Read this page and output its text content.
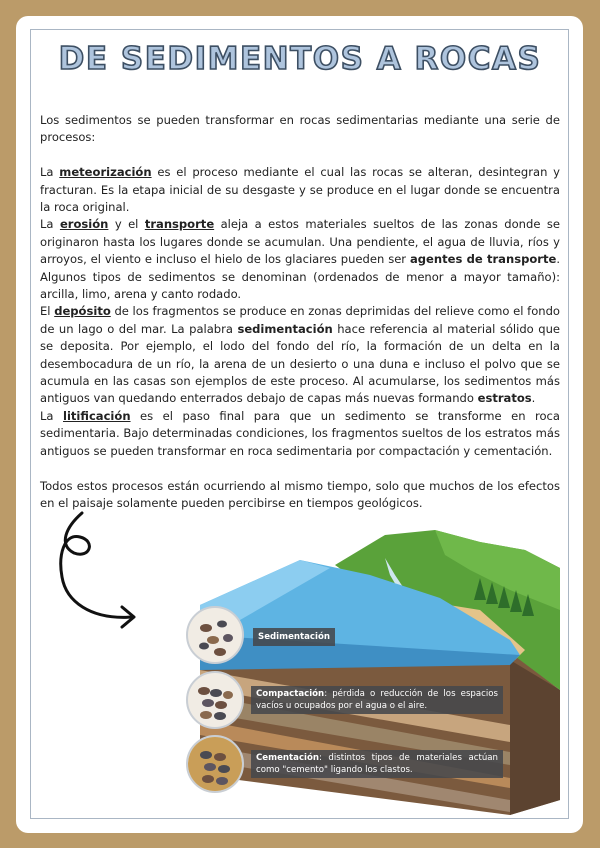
DE SEDIMENTOS A ROCAS

Los sedimentos se pueden transformar en rocas sedimentarias mediante una serie de procesos:

La meteorización es el proceso mediante el cual las rocas se alteran, desintegran y fracturan. Es la etapa inicial de su desgaste y se produce en el lugar donde se encuentra la roca original.

La erosión y el transporte aleja a estos materiales sueltos de las zonas donde se originaron hasta los lugares donde se acumulan. Una pendiente, el agua de lluvia, ríos y arroyos, el viento e incluso el hielo de los glaciares pueden ser agentes de transporte. Algunos tipos de sedimentos se denominan (ordenados de menor a mayor tamaño): arcilla, limo, arena y canto rodado.

El depósito de los fragmentos se produce en zonas deprimidas del relieve como el fondo de un lago o del mar. La palabra sedimentación hace referencia al material sólido que se deposita. Por ejemplo, el lodo del fondo del río, la formación de un delta en la desembocadura de un río, la arena de un desierto o una duna e incluso el polvo que se acumula en las casas son ejemplos de este proceso. Al acumularse, los sedimentos más antiguos van quedando enterrados debajo de capas más nuevas formando estratos.

La litificación es el paso final para que un sedimento se transforme en roca sedimentaria. Bajo determinadas condiciones, los fragmentos sueltos de los estratos más antiguos se pueden transformar en roca sedimentaria por compactación y cementación.

Todos estos procesos están ocurriendo al mismo tiempo, solo que muchos de los efectos en el paisaje solamente pueden percibirse en tiempos geológicos.

Sedimentación
Compactación: pérdida o reducción de los espacios vacíos u ocupados por el agua o el aire.
Cementación: distintos tipos de materiales actúan como "cemento" ligando los clastos.
